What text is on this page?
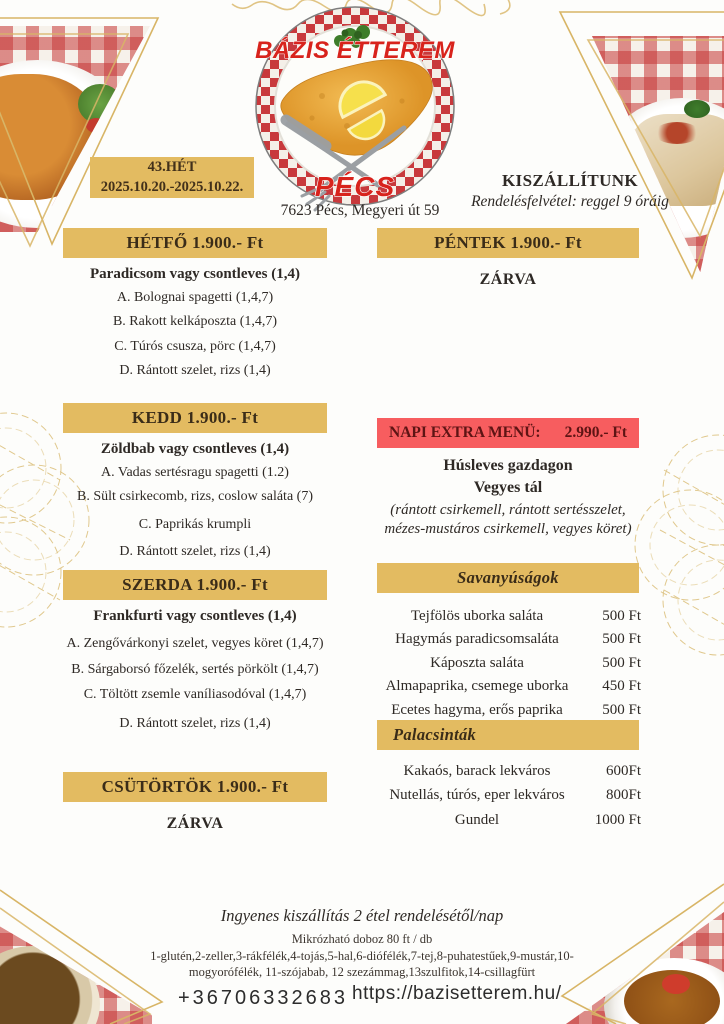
BÁZIS ÉTTEREM
PÉCS
43.HÉT
2025.10.20.-2025.10.22.
7623 Pécs, Megyeri út 59
KISZÁLLÍTUNK
Rendelésfelvétel: reggel 9 óráig
HÉTFŐ 1.900.- Ft
Paradicsom vagy csontleves (1,4)
A. Bolognai spagetti (1,4,7)
B. Rakott kelkáposzta (1,4,7)
C. Túrós csusza, pörc (1,4,7)
D. Rántott szelet, rizs (1,4)
KEDD 1.900.- Ft
Zöldbab vagy csontleves (1,4)
A. Vadas sertésragu spagetti (1.2)
B. Sült csirkecomb, rizs, coslow saláta (7)
C. Paprikás krumpli
D. Rántott szelet, rizs (1,4)
SZERDA 1.900.- Ft
Frankfurti vagy csontleves (1,4)
A. Zengővárkonyi szelet, vegyes köret (1,4,7)
B. Sárgaborsó főzelék, sertés pörkölt (1,4,7)
C. Töltött zsemle vaníliasodóval (1,4,7)
D. Rántott szelet, rizs (1,4)
CSÜTÖRTÖK 1.900.- Ft
ZÁRVA
PÉNTEK 1.900.- Ft
ZÁRVA
NAPI EXTRA MENÜ: 2.990.- Ft
Húsleves gazdagon
Vegyes tál
(rántott csirkemell, rántott sertésszelet, mézes-mustáros csirkemell, vegyes köret)
Savanyúságok
Tejfölös uborka saláta	500 Ft
Hagymás paradicsomsaláta	500 Ft
Káposzta saláta	500 Ft
Almapaprika, csemege uborka	450 Ft
Ecetes hagyma, erős paprika	500 Ft
Palacsinták
Kakaós, barack lekváros	600Ft
Nutellás, túrós, eper lekváros	800Ft
Gundel	1000 Ft
Ingyenes kiszállítás 2 étel rendelésétől/nap
Mikrózható doboz 80 ft / db
1-glutén,2-zeller,3-rákfélék,4-tojás,5-hal,6-diófélék,7-tej,8-puhatestűek,9-mustár,10-mogyorófélék, 11-szójabab, 12 szezámmag,13szulfitok,14-csillagfürt
+36706332683 https://bazisetterem.hu/
